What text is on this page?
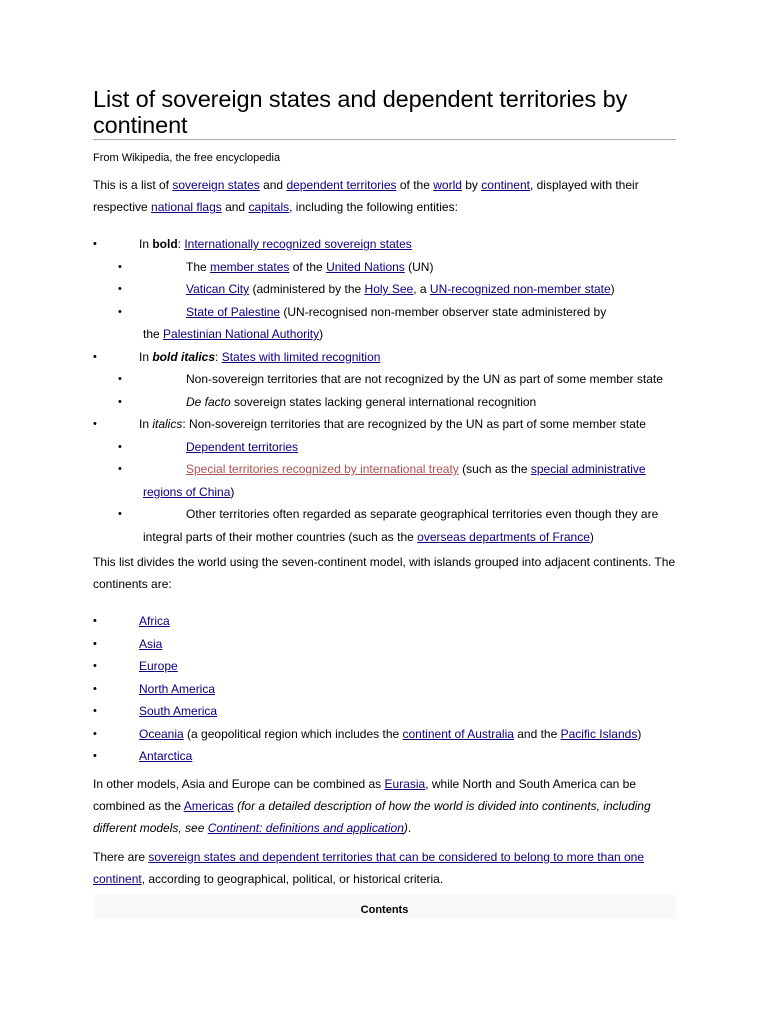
List of sovereign states and dependent territories by continent
From Wikipedia, the free encyclopedia

This is a list of sovereign states and dependent territories of the world by continent, displayed with their respective national flags and capitals, including the following entities:

• In bold: Internationally recognized sovereign states
• The member states of the United Nations (UN)
• Vatican City (administered by the Holy See, a UN-recognized non-member state)
• State of Palestine (UN-recognised non-member observer state administered by
the Palestinian National Authority)
• In bold italics: States with limited recognition
• Non-sovereign territories that are not recognized by the UN as part of some member state
• De facto sovereign states lacking general international recognition
• In italics: Non-sovereign territories that are recognized by the UN as part of some member state
• Dependent territories
• Special territories recognized by international treaty (such as the special administrative
regions of China)
• Other territories often regarded as separate geographical territories even though they are
integral parts of their mother countries (such as the overseas departments of France)

This list divides the world using the seven-continent model, with islands grouped into adjacent continents. The continents are:

• Africa
• Asia
• Europe
• North America
• South America
• Oceania (a geopolitical region which includes the continent of Australia and the Pacific Islands)
• Antarctica

In other models, Asia and Europe can be combined as Eurasia, while North and South America can be combined as the Americas (for a detailed description of how the world is divided into continents, including different models, see Continent: definitions and application).

There are sovereign states and dependent territories that can be considered to belong to more than one continent, according to geographical, political, or historical criteria.

Contents
